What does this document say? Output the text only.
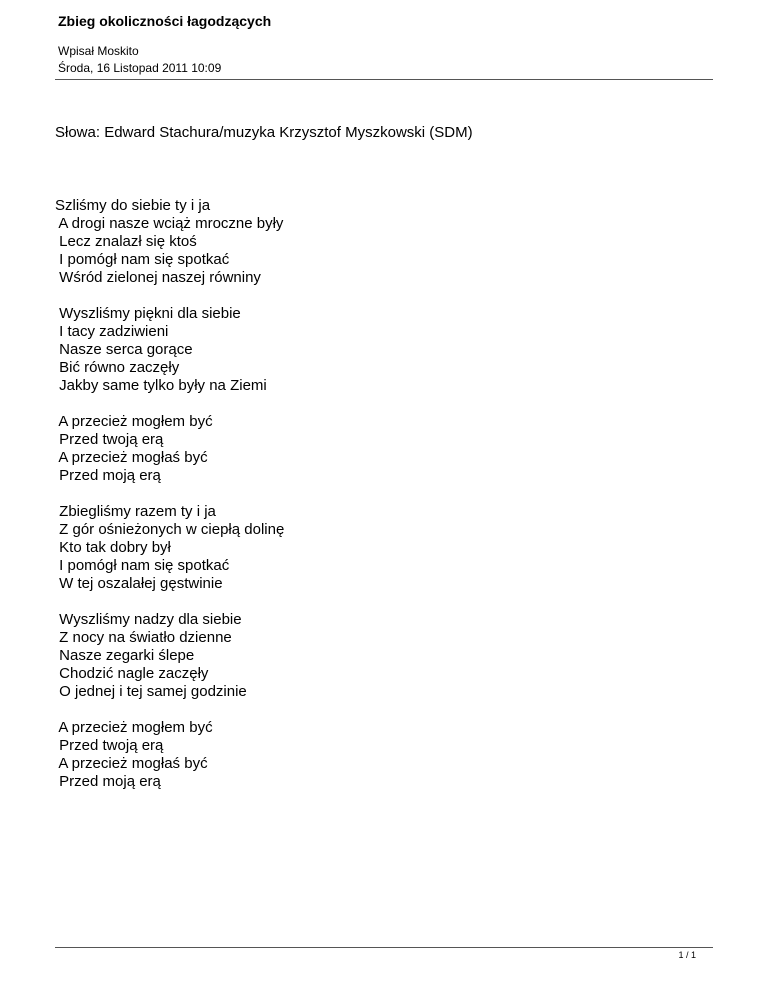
Zbieg okoliczności łagodzących
Wpisał Moskito
Środa, 16 Listopad 2011 10:09
Słowa: Edward Stachura/muzyka Krzysztof Myszkowski (SDM)
Szliśmy do siebie ty i ja
A drogi nasze wciąż mroczne były
Lecz znalazł się ktoś
I pomógł nam się spotkać
Wśród zielonej naszej równiny
Wyszliśmy piękni dla siebie
I tacy zadziwieni
Nasze serca gorące
Bić równo zaczęły
Jakby same tylko były na Ziemi
A przecież mogłem być
Przed twoją erą
A przecież mogłaś być
Przed moją erą
Zbiegliśmy razem ty i ja
Z gór ośnieżonych w ciepłą dolinę
Kto tak dobry był
I pomógł nam się spotkać
W tej oszalałej gęstwinie
Wyszliśmy nadzy dla siebie
Z nocy na światło dzienne
Nasze zegarki ślepe
Chodzić nagle zaczęły
O jednej i tej samej godzinie
A przecież mogłem być
Przed twoją erą
A przecież mogłaś być
Przed moją erą
1 / 1
